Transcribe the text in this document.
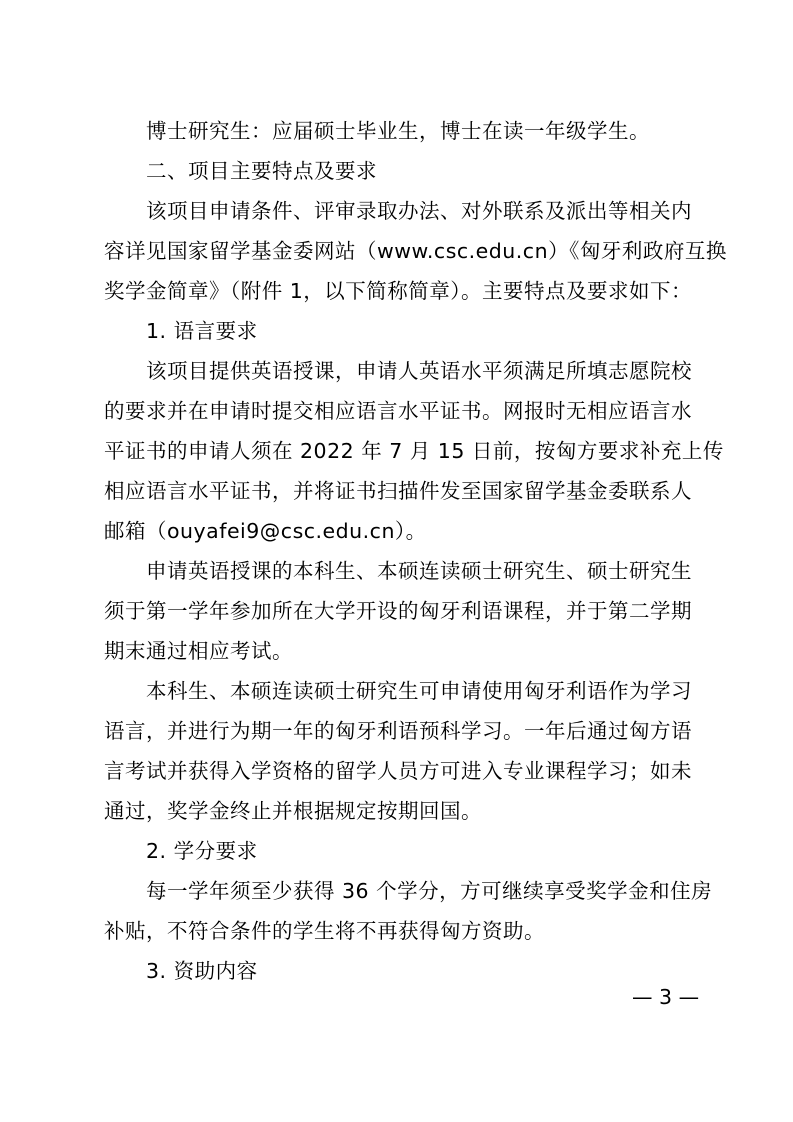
博士研究生：应届硕士毕业生，博士在读一年级学生。
二、项目主要特点及要求
该项目申请条件、评审录取办法、对外联系及派出等相关内
容详见国家留学基金委网站（www.csc.edu.cn）《匈牙利政府互换
奖学金简章》（附件 1，以下简称简章）。主要特点及要求如下：
1. 语言要求
该项目提供英语授课，申请人英语水平须满足所填志愿院校
的要求并在申请时提交相应语言水平证书。网报时无相应语言水
平证书的申请人须在 2022 年 7 月 15 日前，按匈方要求补充上传
相应语言水平证书，并将证书扫描件发至国家留学基金委联系人
邮箱（ouyafei9@csc.edu.cn）。
申请英语授课的本科生、本硕连读硕士研究生、硕士研究生
须于第一学年参加所在大学开设的匈牙利语课程，并于第二学期
期末通过相应考试。
本科生、本硕连读硕士研究生可申请使用匈牙利语作为学习
语言，并进行为期一年的匈牙利语预科学习。一年后通过匈方语
言考试并获得入学资格的留学人员方可进入专业课程学习；如未
通过，奖学金终止并根据规定按期回国。
2. 学分要求
每一学年须至少获得 36 个学分，方可继续享受奖学金和住房
补贴，不符合条件的学生将不再获得匈方资助。
3. 资助内容
— 3 —
